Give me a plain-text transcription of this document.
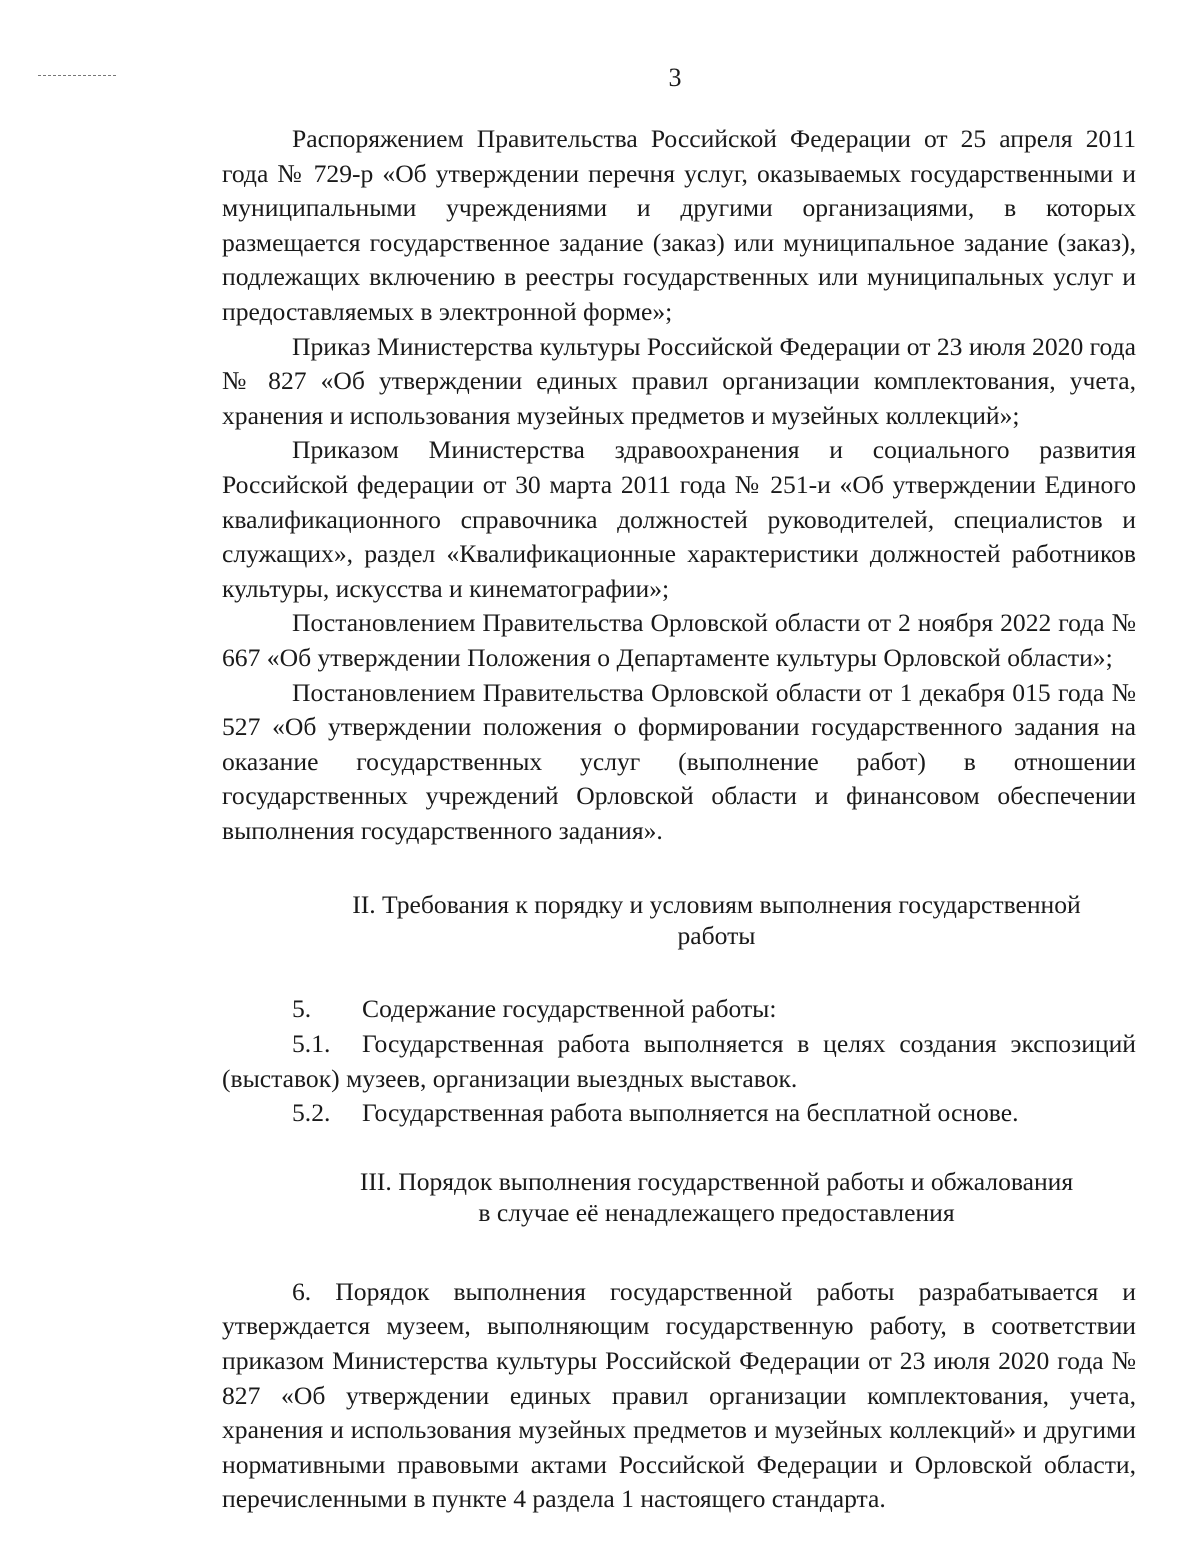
3

Распоряжением Правительства Российской Федерации от 25 апреля 2011 года № 729-р «Об утверждении перечня услуг, оказываемых государственными и муниципальными учреждениями и другими организациями, в которых размещается государственное задание (заказ) или муниципальное задание (заказ), подлежащих включению в реестры государственных или муниципальных услуг и предоставляемых в электронной форме»;

Приказ Министерства культуры Российской Федерации от 23 июля 2020 года № 827 «Об утверждении единых правил организации комплектования, учета, хранения и использования музейных предметов и музейных коллекций»;

Приказом Министерства здравоохранения и социального развития Российской федерации от 30 марта 2011 года № 251-и «Об утверждении Единого квалификационного справочника должностей руководителей, специалистов и служащих», раздел «Квалификационные характеристики должностей работников культуры, искусства и кинематографии»;

Постановлением Правительства Орловской области от 2 ноября 2022 года № 667 «Об утверждении Положения о Департаменте культуры Орловской области»;

Постановлением Правительства Орловской области от 1 декабря 015 года № 527 «Об утверждении положения о формировании государственного задания на оказание государственных услуг (выполнение работ) в отношении государственных учреждений Орловской области и финансовом обеспечении выполнения государственного задания».

II. Требования к порядку и условиям выполнения государственной
работы

5. Содержание государственной работы:

5.1. Государственная работа выполняется в целях создания экспозиций (выставок) музеев, организации выездных выставок.

5.2. Государственная работа выполняется на бесплатной основе.

III. Порядок выполнения государственной работы и обжалования
в случае её ненадлежащего предоставления

6. Порядок выполнения государственной работы разрабатывается и утверждается музеем, выполняющим государственную работу, в соответствии приказом Министерства культуры Российской Федерации от 23 июля 2020 года № 827 «Об утверждении единых правил организации комплектования, учета, хранения и использования музейных предметов и музейных коллекций» и другими нормативными правовыми актами Российской Федерации и Орловской области, перечисленными в пункте 4 раздела 1 настоящего стандарта.
